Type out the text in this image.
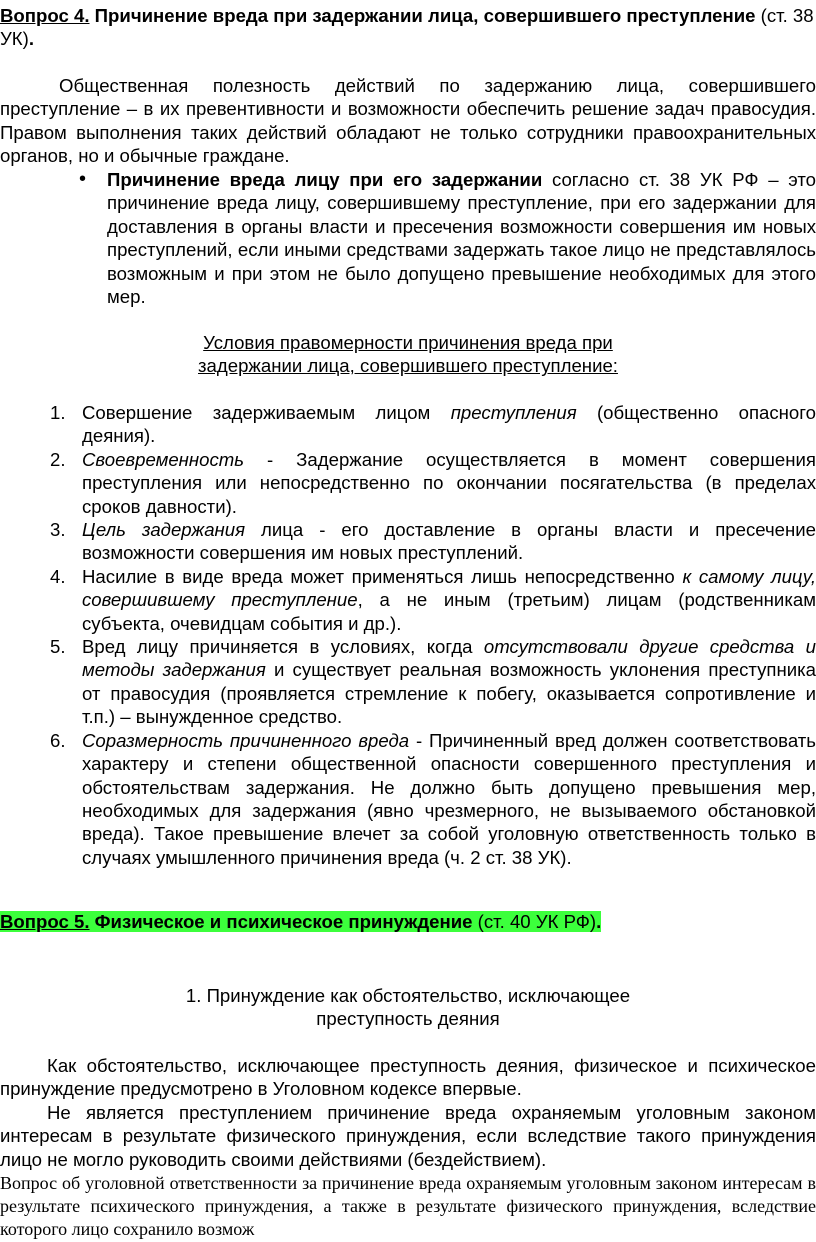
Вопрос 4. Причинение вреда при задержании лица, совершившего преступление (ст. 38 УК).

Общественная полезность действий по задержанию лица, совершившего преступление – в их превентивности и возможности обеспечить решение задач правосудия. Правом выполнения таких действий обладают не только сотрудники правоохранительных органов, но и обычные граждане.

• Причинение вреда лицу при его задержании согласно ст. 38 УК РФ – это причинение вреда лицу, совершившему преступление, при его задержании для доставления в органы власти и пресечения возможности совершения им новых преступлений, если иными средствами задержать такое лицо не представлялось возможным и при этом не было допущено превышение необходимых для этого мер.
Условия правомерности причинения вреда при
задержании лица, совершившего преступление:
1. Совершение задерживаемым лицом преступления (общественно опасного деяния).
2. Своевременность - Задержание осуществляется в момент совершения преступления или непосредственно по окончании посягательства (в пределах сроков давности).
3. Цель задержания лица - его доставление в органы власти и пресечение возможности совершения им новых преступлений.
4. Насилие в виде вреда может применяться лишь непосредственно к самому лицу, совершившему преступление, а не иным (третьим) лицам (родственникам субъекта, очевидцам события и др.).
5. Вред лицу причиняется в условиях, когда отсутствовали другие средства и методы задержания и существует реальная возможность уклонения преступника от правосудия (проявляется стремление к побегу, оказывается сопротивление и т.п.) – вынужденное средство.
6. Соразмерность причиненного вреда - Причиненный вред должен соответствовать характеру и степени общественной опасности совершенного преступления и обстоятельствам задержания. Не должно быть допущено превышения мер, необходимых для задержания (явно чрезмерного, не вызываемого обстановкой вреда). Такое превышение влечет за собой уголовную ответственность только в случаях умышленного причинения вреда (ч. 2 ст. 38 УК).

Вопрос 5. Физическое и психическое принуждение (ст. 40 УК РФ).

1. Принуждение как обстоятельство, исключающее
преступность деяния

Как обстоятельство, исключающее преступность деяния, физическое и психическое принуждение предусмотрено в Уголовном кодексе впервые.

Не является преступлением причинение вреда охраняемым уголовным законом интересам в результате физического принуждения, если вследствие такого принуждения лицо не могло руководить своими действиями (бездействием).

Вопрос об уголовной ответственности за причинение вреда охраняемым уголовным законом интересам в результате психического принуждения, а также в результате физического принуждения, вследствие которого лицо сохранило возмож
